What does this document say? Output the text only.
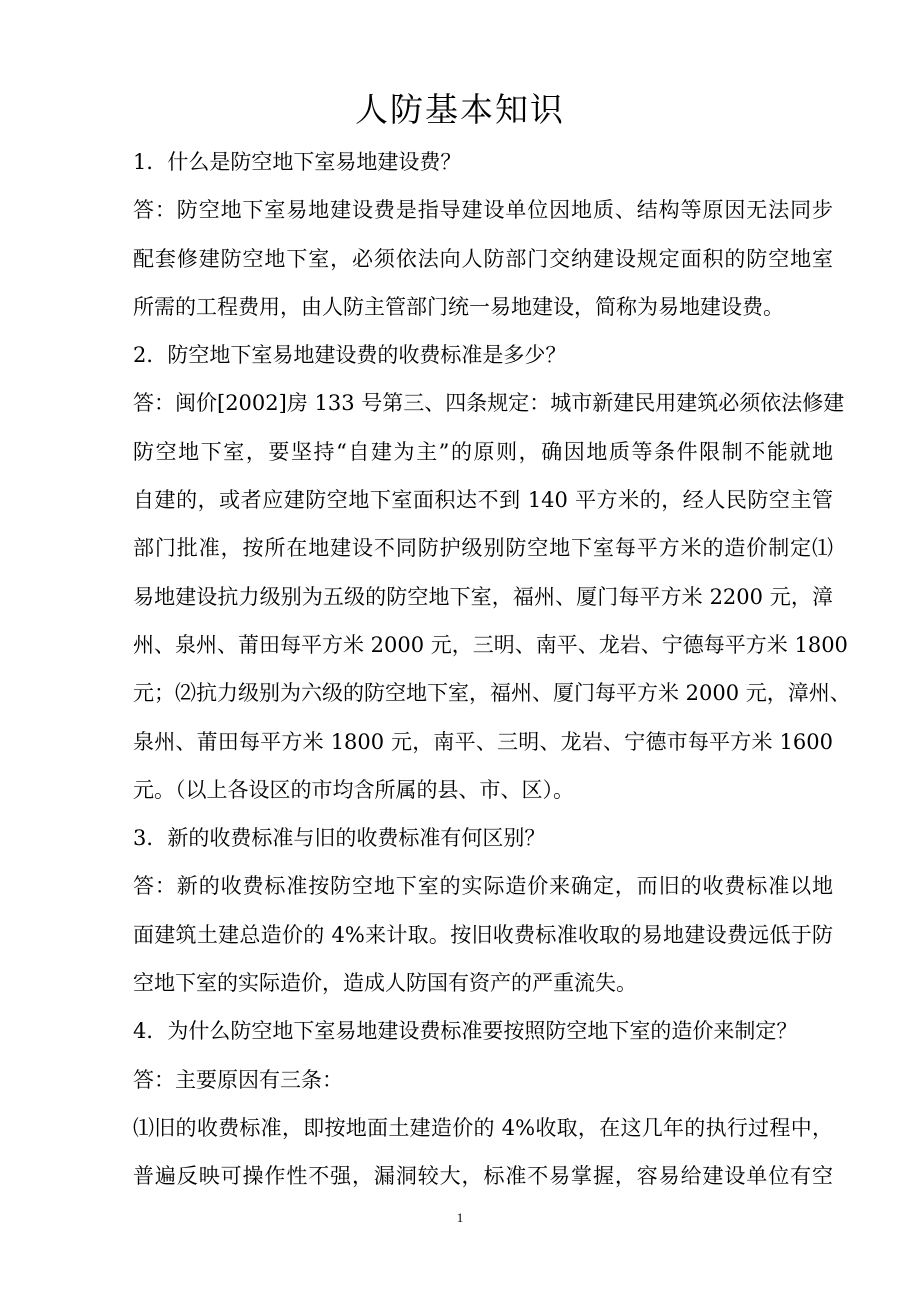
人防基本知识
1．什么是防空地下室易地建设费？
答：防空地下室易地建设费是指导建设单位因地质、结构等原因无法同步
配套修建防空地下室，必须依法向人防部门交纳建设规定面积的防空地室
所需的工程费用，由人防主管部门统一易地建设，简称为易地建设费。
2．防空地下室易地建设费的收费标准是多少？
答：闽价[2002]房 133 号第三、四条规定：城市新建民用建筑必须依法修建
防空地下室，要坚持“自建为主”的原则，确因地质等条件限制不能就地
自建的，或者应建防空地下室面积达不到 140 平方米的，经人民防空主管
部门批准，按所在地建设不同防护级别防空地下室每平方米的造价制定⑴
易地建设抗力级别为五级的防空地下室，福州、厦门每平方米 2200 元，漳
州、泉州、莆田每平方米 2000 元，三明、南平、龙岩、宁德每平方米 1800
元；⑵抗力级别为六级的防空地下室，福州、厦门每平方米 2000 元，漳州、
泉州、莆田每平方米 1800 元，南平、三明、龙岩、宁德市每平方米 1600
元。（以上各设区的市均含所属的县、市、区）。
3．新的收费标准与旧的收费标准有何区别？
答：新的收费标准按防空地下室的实际造价来确定，而旧的收费标准以地
面建筑土建总造价的 4%来计取。按旧收费标准收取的易地建设费远低于防
空地下室的实际造价，造成人防国有资产的严重流失。
4．为什么防空地下室易地建设费标准要按照防空地下室的造价来制定？
答：主要原因有三条：
⑴旧的收费标准，即按地面土建造价的 4%收取，在这几年的执行过程中，
普遍反映可操作性不强，漏洞较大，标准不易掌握，容易给建设单位有空
1
